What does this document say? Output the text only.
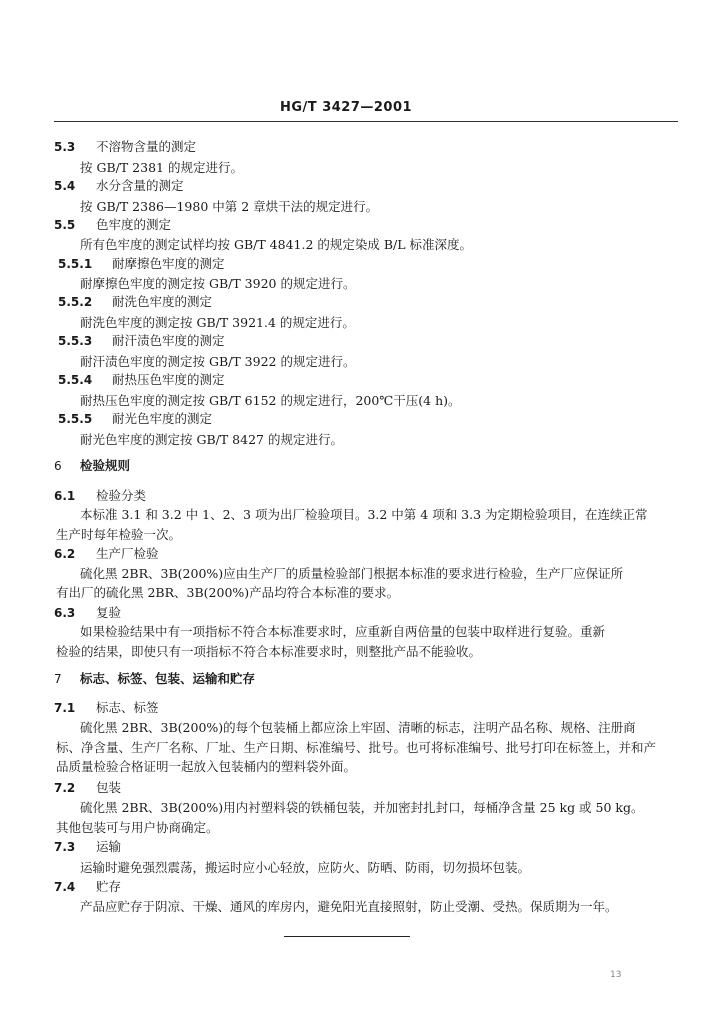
HG/T 3427—2001
5.3 不溶物含量的测定
按 GB/T 2381 的规定进行。
5.4 水分含量的测定
按 GB/T 2386—1980 中第 2 章烘干法的规定进行。
5.5 色牢度的测定
所有色牢度的测定试样均按 GB/T 4841.2 的规定染成 B/L 标准深度。
5.5.1 耐摩擦色牢度的测定
耐摩擦色牢度的测定按 GB/T 3920 的规定进行。
5.5.2 耐洗色牢度的测定
耐洗色牢度的测定按 GB/T 3921.4 的规定进行。
5.5.3 耐汗渍色牢度的测定
耐汗渍色牢度的测定按 GB/T 3922 的规定进行。
5.5.4 耐热压色牢度的测定
耐热压色牢度的测定按 GB/T 6152 的规定进行，200℃干压(4 h)。
5.5.5 耐光色牢度的测定
耐光色牢度的测定按 GB/T 8427 的规定进行。
6 检验规则
6.1 检验分类
本标准 3.1 和 3.2 中 1、2、3 项为出厂检验项目。3.2 中第 4 项和 3.3 为定期检验项目，在连续正常
生产时每年检验一次。
6.2 生产厂检验
硫化黑 2BR、3B(200%)应由生产厂的质量检验部门根据本标准的要求进行检验，生产厂应保证所
有出厂的硫化黑 2BR、3B(200%)产品均符合本标准的要求。
6.3 复验
如果检验结果中有一项指标不符合本标准要求时，应重新自两倍量的包装中取样进行复验。重新
检验的结果，即使只有一项指标不符合本标准要求时，则整批产品不能验收。
7 标志、标签、包装、运输和贮存
7.1 标志、标签
硫化黑 2BR、3B(200%)的每个包装桶上都应涂上牢固、清晰的标志，注明产品名称、规格、注册商
标、净含量、生产厂名称、厂址、生产日期、标准编号、批号。也可将标准编号、批号打印在标签上，并和产
品质量检验合格证明一起放入包装桶内的塑料袋外面。
7.2 包装
硫化黑 2BR、3B(200%)用内衬塑料袋的铁桶包装，并加密封扎封口，每桶净含量 25 kg 或 50 kg。
其他包装可与用户协商确定。
7.3 运输
运输时避免强烈震荡，搬运时应小心轻放，应防火、防晒、防雨，切勿损坏包装。
7.4 贮存
产品应贮存于阴凉、干燥、通风的库房内，避免阳光直接照射，防止受潮、受热。保质期为一年。
13
